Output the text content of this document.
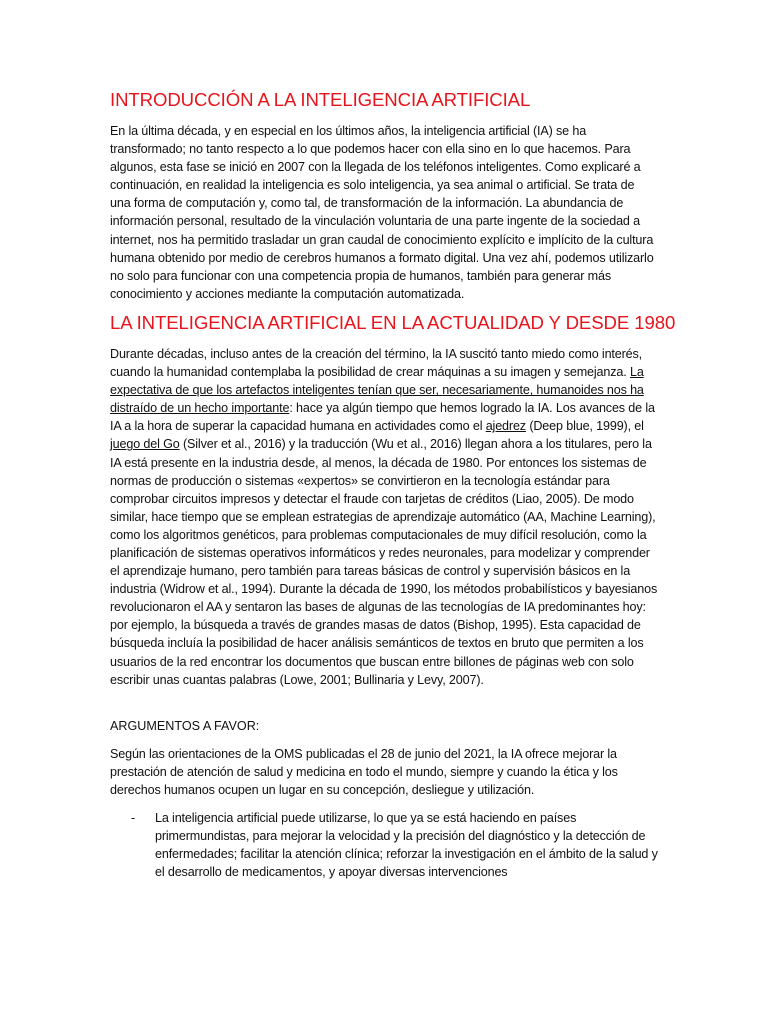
INTRODUCCIÓN A LA INTELIGENCIA ARTIFICIAL

En la última década, y en especial en los últimos años, la inteligencia artificial (IA) se ha transformado; no tanto respecto a lo que podemos hacer con ella sino en lo que hacemos. Para algunos, esta fase se inició en 2007 con la llegada de los teléfonos inteligentes. Como explicaré a continuación, en realidad la inteligencia es solo inteligencia, ya sea animal o artificial. Se trata de una forma de computación y, como tal, de transformación de la información. La abundancia de información personal, resultado de la vinculación voluntaria de una parte ingente de la sociedad a internet, nos ha permitido trasladar un gran caudal de conocimiento explícito e implícito de la cultura humana obtenido por medio de cerebros humanos a formato digital. Una vez ahí, podemos utilizarlo no solo para funcionar con una competencia propia de humanos, también para generar más conocimiento y acciones mediante la computación automatizada.

LA INTELIGENCIA ARTIFICIAL EN LA ACTUALIDAD Y DESDE 1980

Durante décadas, incluso antes de la creación del término, la IA suscitó tanto miedo como interés, cuando la humanidad contemplaba la posibilidad de crear máquinas a su imagen y semejanza. La expectativa de que los artefactos inteligentes tenían que ser, necesariamente, humanoides nos ha distraído de un hecho importante: hace ya algún tiempo que hemos logrado la IA. Los avances de la IA a la hora de superar la capacidad humana en actividades como el ajedrez (Deep blue, 1999), el juego del Go (Silver et al., 2016) y la traducción (Wu et al., 2016) llegan ahora a los titulares, pero la IA está presente en la industria desde, al menos, la década de 1980. Por entonces los sistemas de normas de producción o sistemas «expertos» se convirtieron en la tecnología estándar para comprobar circuitos impresos y detectar el fraude con tarjetas de créditos (Liao, 2005). De modo similar, hace tiempo que se emplean estrategias de aprendizaje automático (AA, Machine Learning), como los algoritmos genéticos, para problemas computacionales de muy difícil resolución, como la planificación de sistemas operativos informáticos y redes neuronales, para modelizar y comprender el aprendizaje humano, pero también para tareas básicas de control y supervisión básicos en la industria (Widrow et al., 1994). Durante la década de 1990, los métodos probabilísticos y bayesianos revolucionaron el AA y sentaron las bases de algunas de las tecnologías de IA predominantes hoy: por ejemplo, la búsqueda a través de grandes masas de datos (Bishop, 1995). Esta capacidad de búsqueda incluía la posibilidad de hacer análisis semánticos de textos en bruto que permiten a los usuarios de la red encontrar los documentos que buscan entre billones de páginas web con solo escribir unas cuantas palabras (Lowe, 2001; Bullinaria y Levy, 2007).

ARGUMENTOS A FAVOR:

Según las orientaciones de la OMS publicadas el 28 de junio del 2021, la IA ofrece mejorar la prestación de atención de salud y medicina en todo el mundo, siempre y cuando la ética y los derechos humanos ocupen un lugar en su concepción, desliegue y utilización.

- La inteligencia artificial puede utilizarse, lo que ya se está haciendo en países primermundistas, para mejorar la velocidad y la precisión del diagnóstico y la detección de enfermedades; facilitar la atención clínica; reforzar la investigación en el ámbito de la salud y el desarrollo de medicamentos, y apoyar diversas intervenciones
